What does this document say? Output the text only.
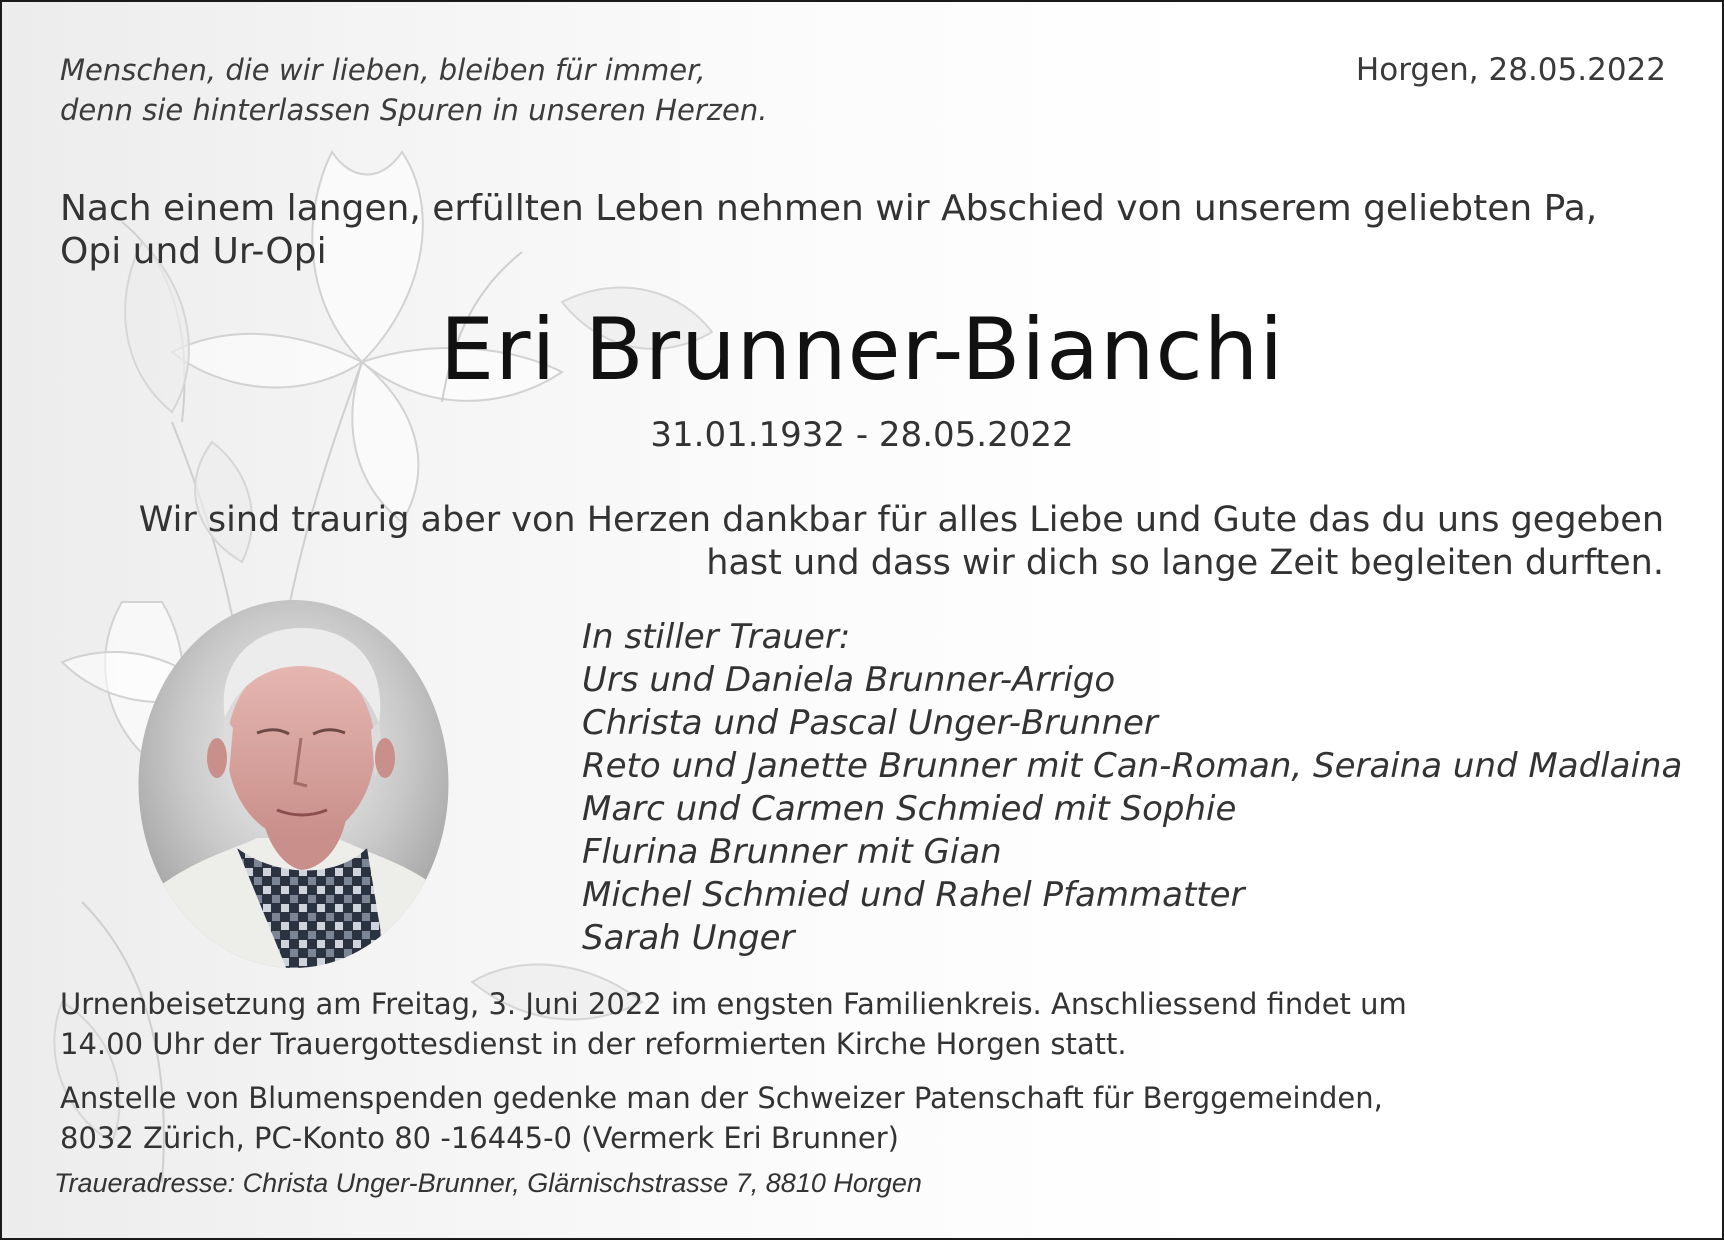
Menschen, die wir lieben, bleiben für immer,
denn sie hinterlassen Spuren in unseren Herzen.
Horgen, 28.05.2022
Nach einem langen, erfüllten Leben nehmen wir Abschied von unserem geliebten Pa,
Opi und Ur-Opi
Eri Brunner-Bianchi
31.01.1932 - 28.05.2022
Wir sind traurig aber von Herzen dankbar für alles Liebe und Gute das du uns gegeben
hast und dass wir dich so lange Zeit begleiten durften.
In stiller Trauer:
Urs und Daniela Brunner-Arrigo
Christa und Pascal Unger-Brunner
Reto und Janette Brunner mit Can-Roman, Seraina und Madlaina
Marc und Carmen Schmied mit Sophie
Flurina Brunner mit Gian
Michel Schmied und Rahel Pfammatter
Sarah Unger
Urnenbeisetzung am Freitag, 3. Juni 2022 im engsten Familienkreis. Anschliessend findet um
14.00 Uhr der Trauergottesdienst in der reformierten Kirche Horgen statt.
Anstelle von Blumenspenden gedenke man der Schweizer Patenschaft für Berggemeinden,
8032 Zürich, PC-Konto 80 -16445-0 (Vermerk Eri Brunner)
Traueradresse: Christa Unger-Brunner, Glärnischstrasse 7, 8810 Horgen
